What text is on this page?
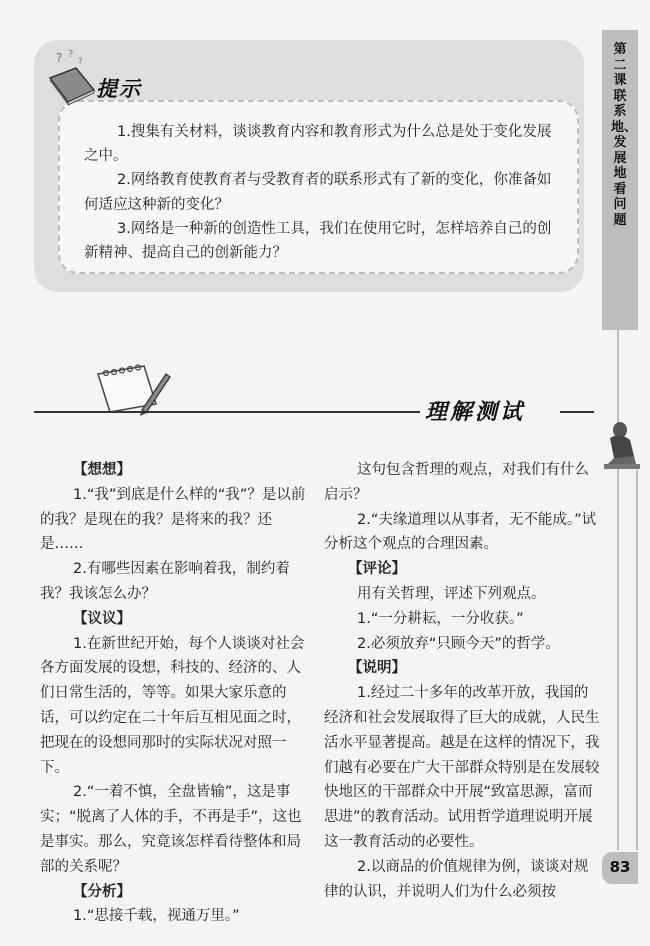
第二课 联系地、发展地看问题
83
? ?
?
提示

1.搜集有关材料，谈谈教育内容和教育形式为什么总是处于变化发展之中。

2.网络教育使教育者与受教育者的联系形式有了新的变化，你准备如何适应这种新的变化？

3.网络是一种新的创造性工具，我们在使用它时，怎样培养自己的创新精神、提高自己的创新能力？

理解测试

【想想】

1.“我”到底是什么样的“我”？是以前的我？是现在的我？是将来的我？还是……

2.有哪些因素在影响着我，制约着我？我该怎么办？

【议议】

1.在新世纪开始，每个人谈谈对社会各方面发展的设想，科技的、经济的、人们日常生活的，等等。如果大家乐意的话，可以约定在二十年后互相见面之时，把现在的设想同那时的实际状况对照一下。

2.“一着不慎，全盘皆输”，这是事实；“脱离了人体的手，不再是手”，这也是事实。那么，究竟该怎样看待整体和局部的关系呢？

【分析】

1.“思接千载，视通万里。”

这句包含哲理的观点，对我们有什么启示？

2.“夫缘道理以从事者，无不能成。”试分析这个观点的合理因素。

【评论】

用有关哲理，评述下列观点。

1.“一分耕耘，一分收获。”

2.必须放弃“只顾今天”的哲学。

【说明】

1.经过二十多年的改革开放，我国的经济和社会发展取得了巨大的成就，人民生活水平显著提高。越是在这样的情况下，我们越有必要在广大干部群众特别是在发展较快地区的干部群众中开展“致富思源，富而思进”的教育活动。试用哲学道理说明开展这一教育活动的必要性。

2.以商品的价值规律为例，谈谈对规律的认识，并说明人们为什么必须按
